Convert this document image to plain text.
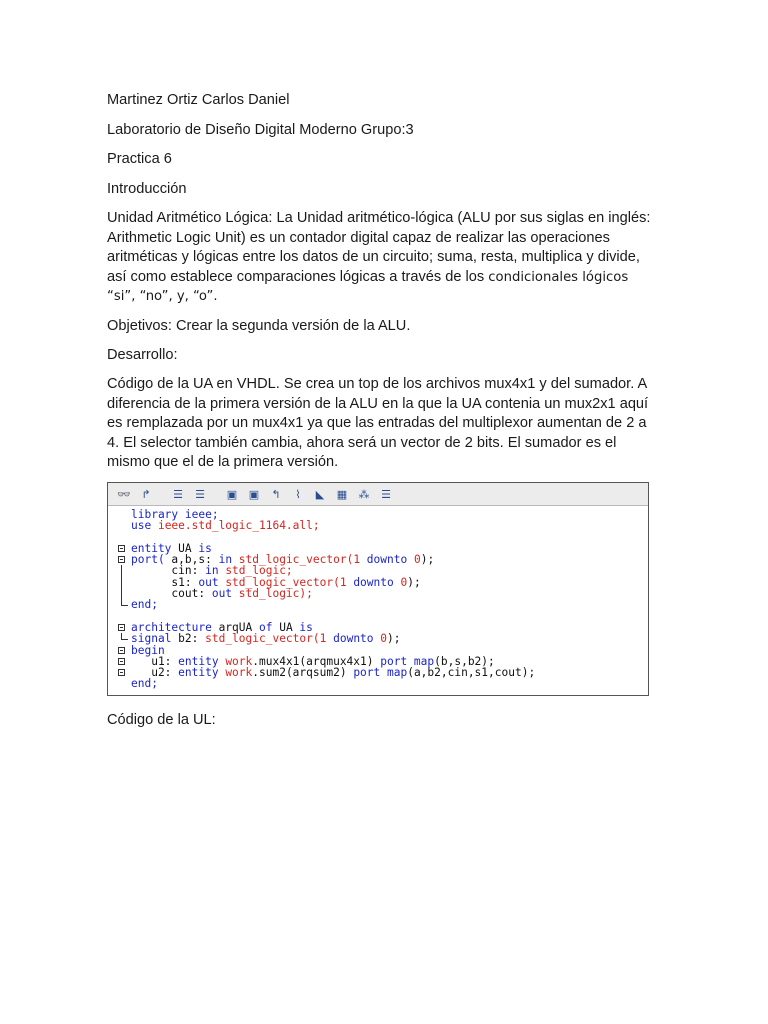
Martinez Ortiz Carlos Daniel

Laboratorio de Diseño Digital Moderno Grupo:3

Practica 6

Introducción

Unidad Aritmético Lógica: La Unidad aritmético-lógica (ALU por sus siglas en inglés: Arithmetic Logic Unit) es un contador digital capaz de realizar las operaciones aritméticas y lógicas entre los datos de un circuito; suma, resta, multiplica y divide, así como establece comparaciones lógicas a través de los condicionales lógicos “si”, “no”, y, “o”.

Objetivos: Crear la segunda versión de la ALU.

Desarrollo:

Código de la UA en VHDL. Se crea un top de los archivos mux4x1 y del sumador. A diferencia de la primera versión de la ALU en la que la UA contenia un mux2x1 aquí es remplazada por un mux4x1 ya que las entradas del multiplexor aumentan de 2 a 4. El selector también cambia, ahora será un vector de 2 bits. El sumador es el mismo que el de la primera versión.

👓 ↱	☰	☰	▣	▣	↰	⌇	◣	▦	⁂	☰
library ieee;
use ieee.std_logic_1164.all;
entity UA is
port( a,b,s: in std_logic_vector(1 downto 0);
cin: in std_logic;
s1: out std_logic_vector(1 downto 0);
cout: out std_logic);
end;
architecture arqUA of UA is
signal b2: std_logic_vector(1 downto 0);
begin
u1: entity work.mux4x1(arqmux4x1) port map(b,s,b2);
u2: entity work.sum2(arqsum2) port map(a,b2,cin,s1,cout);
end;

Código de la UL:
